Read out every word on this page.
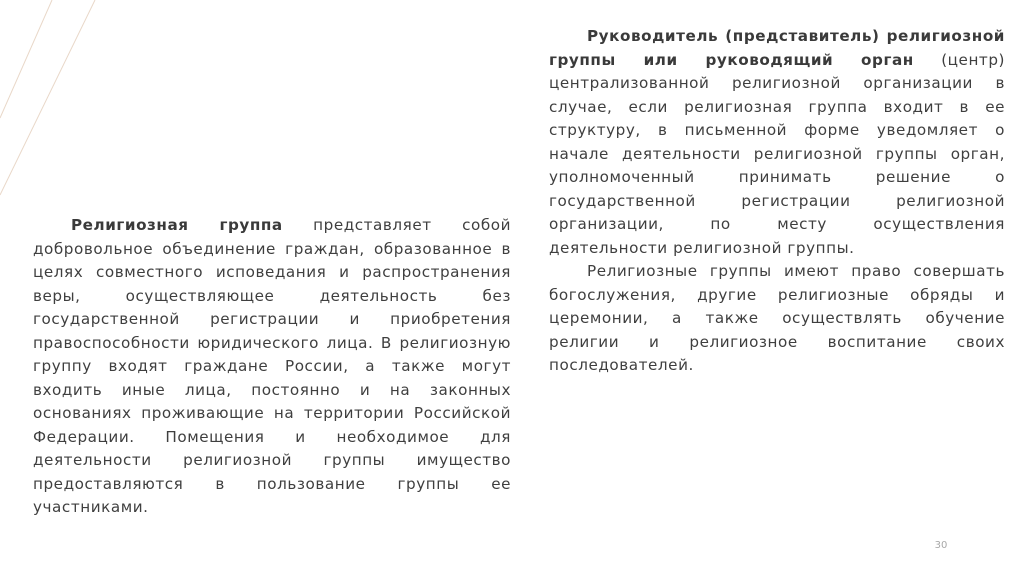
Религиозная группа представляет собой добровольное объединение граждан, образованное в целях совместного исповедания и распространения веры, осуществляющее деятельность без государственной регистрации и приобретения правоспособности юридического лица. В религиозную группу входят граждане России, а также могут входить иные лица, постоянно и на законных основаниях проживающие на территории Российской Федерации. Помещения и необходимое для деятельности религиозной группы имущество предоставляются в пользование группы ее участниками.

Руководитель (представитель) религиозной группы или руководящий орган (центр) централизованной религиозной организации в случае, если религиозная группа входит в ее структуру, в письменной форме уведомляет о начале деятельности религиозной группы орган, уполномоченный принимать решение о государственной регистрации религиозной организации, по месту осуществления деятельности религиозной группы.

Религиозные группы имеют право совершать богослужения, другие религиозные обряды и церемонии, а также осуществлять обучение религии и религиозное воспитание своих последователей.

30
